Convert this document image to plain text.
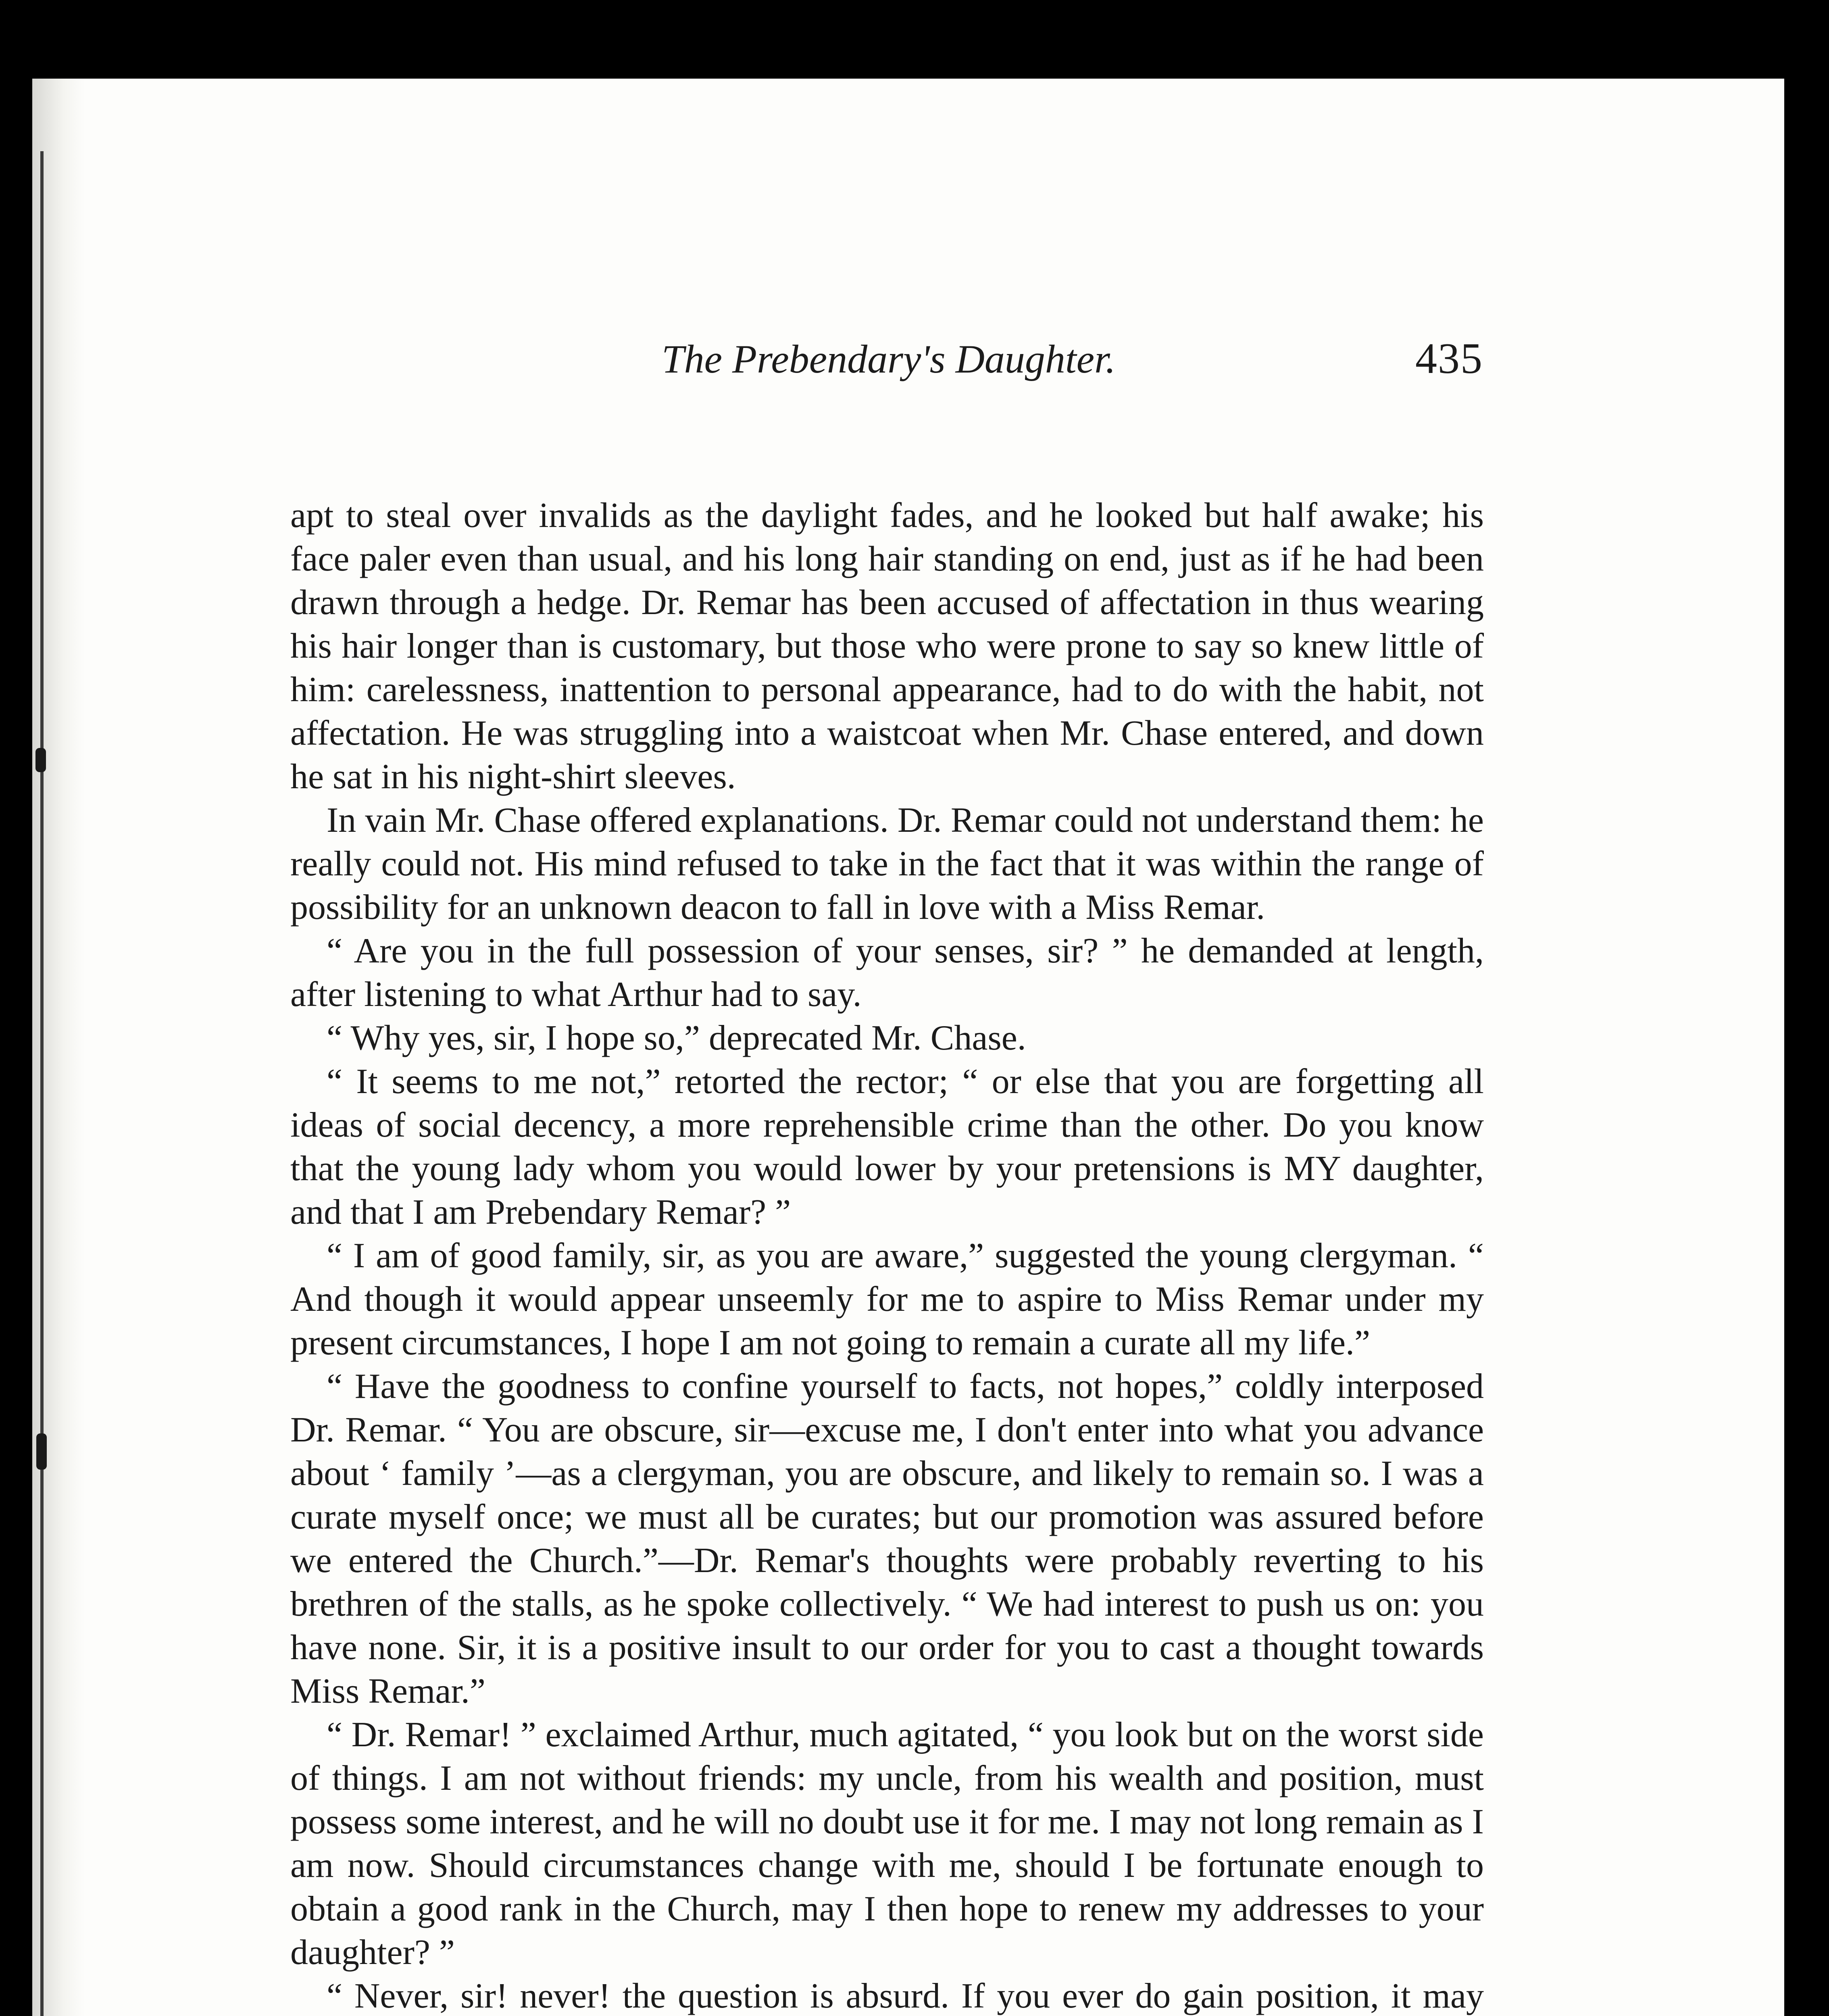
The Prebendary's Daughter.	435

apt to steal over invalids as the daylight fades, and he looked but half awake; his face paler even than usual, and his long hair standing on end, just as if he had been drawn through a hedge. Dr. Remar has been accused of affectation in thus wearing his hair longer than is customary, but those who were prone to say so knew little of him: carelessness, inattention to personal appearance, had to do with the habit, not affectation. He was struggling into a waistcoat when Mr. Chase entered, and down he sat in his night-shirt sleeves.

In vain Mr. Chase offered explanations. Dr. Remar could not understand them: he really could not. His mind refused to take in the fact that it was within the range of possibility for an unknown deacon to fall in love with a Miss Remar.

“ Are you in the full possession of your senses, sir? ” he demanded at length, after listening to what Arthur had to say.

“ Why yes, sir, I hope so,” deprecated Mr. Chase.

“ It seems to me not,” retorted the rector; “ or else that you are forgetting all ideas of social decency, a more reprehensible crime than the other. Do you know that the young lady whom you would lower by your pretensions is MY daughter, and that I am Prebendary Remar? ”

“ I am of good family, sir, as you are aware,” suggested the young clergyman. “ And though it would appear unseemly for me to aspire to Miss Remar under my present circumstances, I hope I am not going to remain a curate all my life.”

“ Have the goodness to confine yourself to facts, not hopes,” coldly interposed Dr. Remar. “ You are obscure, sir—excuse me, I don't enter into what you advance about ‘ family ’—as a clergyman, you are obscure, and likely to remain so. I was a curate myself once; we must all be curates; but our promotion was assured before we entered the Church.”—Dr. Remar's thoughts were probably reverting to his brethren of the stalls, as he spoke collectively. “ We had interest to push us on: you have none. Sir, it is a positive insult to our order for you to cast a thought towards Miss Remar.”

“ Dr. Remar! ” exclaimed Arthur, much agitated, “ you look but on the worst side of things. I am not without friends: my uncle, from his wealth and position, must possess some interest, and he will no doubt use it for me. I may not long remain as I am now. Should circumstances change with me, should I be fortunate enough to obtain a good rank in the Church, may I then hope to renew my addresses to your daughter? ”

“ Never, sir! never! the question is absurd. If you ever do gain position, it may
